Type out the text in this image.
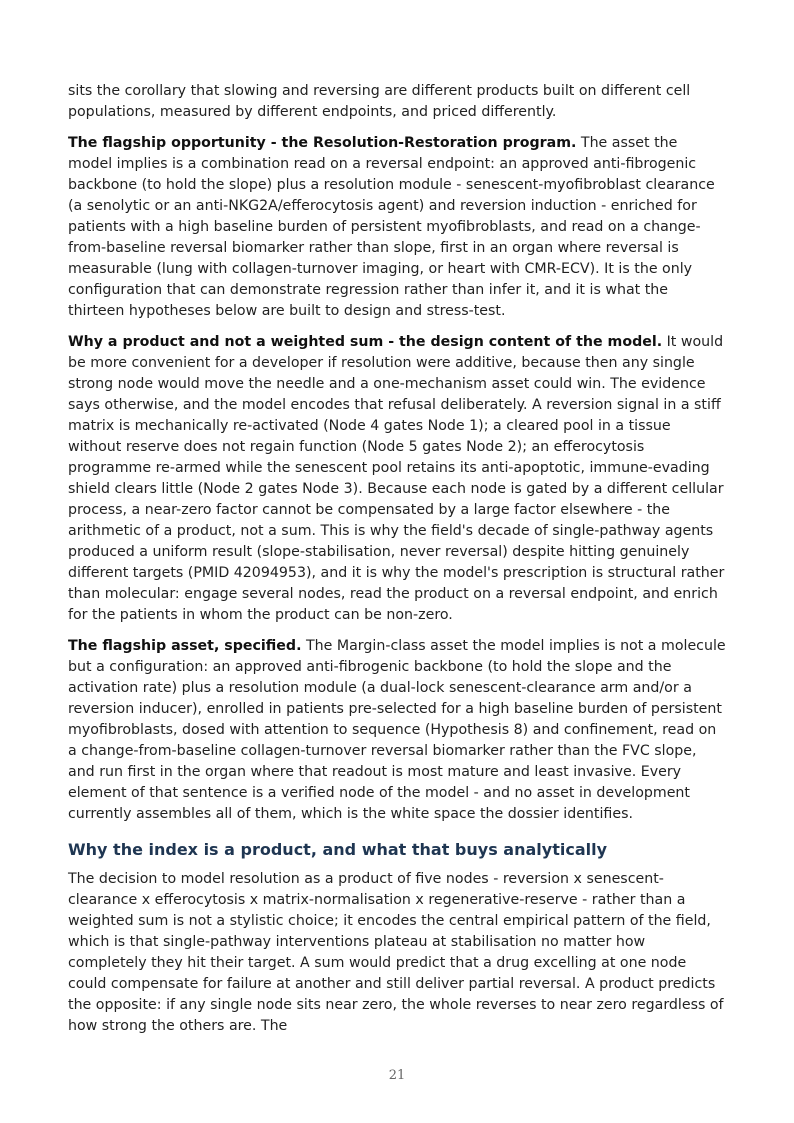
sits the corollary that slowing and reversing are different products built on different cell populations, measured by different endpoints, and priced differently.

The flagship opportunity - the Resolution-Restoration program. The asset the model implies is a combination read on a reversal endpoint: an approved anti-fibrogenic backbone (to hold the slope) plus a resolution module - senescent-myofibroblast clearance (a senolytic or an anti-NKG2A/efferocytosis agent) and reversion induction - enriched for patients with a high baseline burden of persistent myofibroblasts, and read on a change-from-baseline reversal biomarker rather than slope, first in an organ where reversal is measurable (lung with collagen-turnover imaging, or heart with CMR-ECV). It is the only configuration that can demonstrate regression rather than infer it, and it is what the thirteen hypotheses below are built to design and stress-test.

Why a product and not a weighted sum - the design content of the model. It would be more convenient for a developer if resolution were additive, because then any single strong node would move the needle and a one-mechanism asset could win. The evidence says otherwise, and the model encodes that refusal deliberately. A reversion signal in a stiff matrix is mechanically re-activated (Node 4 gates Node 1); a cleared pool in a tissue without reserve does not regain function (Node 5 gates Node 2); an efferocytosis programme re-armed while the senescent pool retains its anti-apoptotic, immune-evading shield clears little (Node 2 gates Node 3). Because each node is gated by a different cellular process, a near-zero factor cannot be compensated by a large factor elsewhere - the arithmetic of a product, not a sum. This is why the field's decade of single-pathway agents produced a uniform result (slope-stabilisation, never reversal) despite hitting genuinely different targets (PMID 42094953), and it is why the model's prescription is structural rather than molecular: engage several nodes, read the product on a reversal endpoint, and enrich for the patients in whom the product can be non-zero.

The flagship asset, specified. The Margin-class asset the model implies is not a molecule but a configuration: an approved anti-fibrogenic backbone (to hold the slope and the activation rate) plus a resolution module (a dual-lock senescent-clearance arm and/or a reversion inducer), enrolled in patients pre-selected for a high baseline burden of persistent myofibroblasts, dosed with attention to sequence (Hypothesis 8) and confinement, read on a change-from-baseline collagen-turnover reversal biomarker rather than the FVC slope, and run first in the organ where that readout is most mature and least invasive. Every element of that sentence is a verified node of the model - and no asset in development currently assembles all of them, which is the white space the dossier identifies.

Why the index is a product, and what that buys analytically

The decision to model resolution as a product of five nodes - reversion x senescent-clearance x efferocytosis x matrix-normalisation x regenerative-reserve - rather than a weighted sum is not a stylistic choice; it encodes the central empirical pattern of the field, which is that single-pathway interventions plateau at stabilisation no matter how completely they hit their target. A sum would predict that a drug excelling at one node could compensate for failure at another and still deliver partial reversal. A product predicts the opposite: if any single node sits near zero, the whole reverses to near zero regardless of how strong the others are. The

21
